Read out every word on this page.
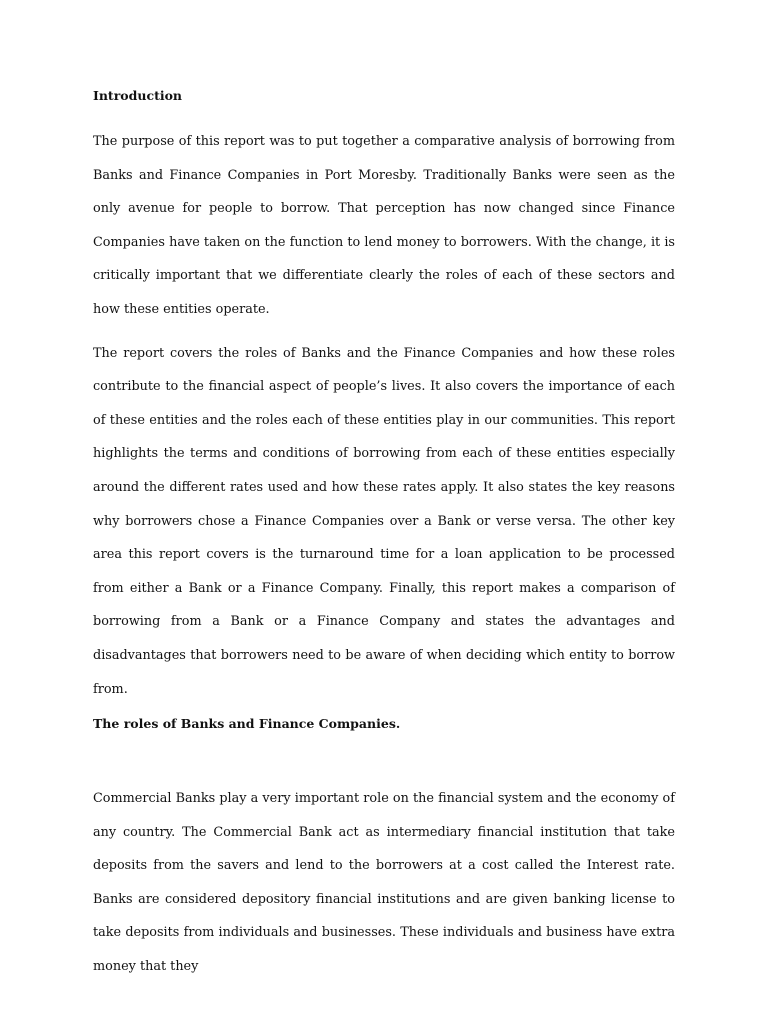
Introduction

The purpose of this report was to put together a comparative analysis of borrowing from Banks and Finance Companies in Port Moresby. Traditionally Banks were seen as the only avenue for people to borrow. That perception has now changed since Finance Companies have taken on the function to lend money to borrowers. With the change, it is critically important that we differentiate clearly the roles of each of these sectors and how these entities operate.

The report covers the roles of Banks and the Finance Companies and how these roles contribute to the financial aspect of people’s lives. It also covers the importance of each of these entities and the roles each of these entities play in our communities. This report highlights the terms and conditions of borrowing from each of these entities especially around the different rates used and how these rates apply. It also states the key reasons why borrowers chose a Finance Companies over a Bank or verse versa. The other key area this report covers is the turnaround time for a loan application to be processed from either a Bank or a Finance Company. Finally, this report makes a comparison of borrowing from a Bank or a Finance Company and states the advantages and disadvantages that borrowers need to be aware of when deciding which entity to borrow from.

The roles of Banks and Finance Companies.

Commercial Banks play a very important role on the financial system and the economy of any country. The Commercial Bank act as intermediary financial institution that take deposits from the savers and lend to the borrowers at a cost called the Interest rate. Banks are considered depository financial institutions and are given banking license to take deposits from individuals and businesses. These individuals and business have extra money that they
